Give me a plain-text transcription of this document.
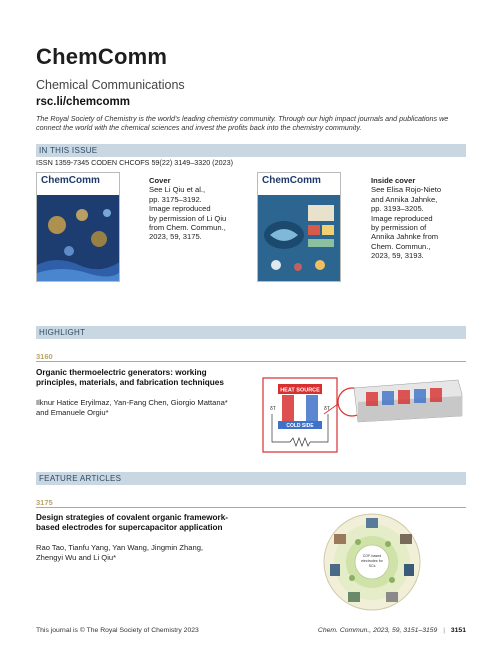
ChemComm
Chemical Communications
rsc.li/chemcomm
The Royal Society of Chemistry is the world's leading chemistry community. Through our high impact journals and publications we connect the world with the chemical sciences and invest the profits back into the chemistry community.
IN THIS ISSUE
ISSN 1359-7345 CODEN CHCOFS 59(22) 3149–3320 (2023)
ChemComm	Cover
See Li Qiu et al.,
pp. 3175–3192.
Image reproduced
by permission of Li Qiu
from Chem. Commun.,
2023, 59, 3175.
ChemComm	Inside cover
See Elisa Rojo-Nieto
and Annika Jahnke,
pp. 3193–3205.
Image reproduced
by permission of
Annika Jahnke from
Chem. Commun.,
2023, 59, 3193.
HIGHLIGHT
3160
Organic thermoelectric generators: working
principles, materials, and fabrication techniques
Ilknur Hatice Eryilmaz, Yan-Fang Chen, Giorgio Mattana*
and Emanuele Orgiu*
HEAT SOURCE
COLD SIDE
δT	δT
FEATURE ARTICLES
3175
Design strategies of covalent organic framework-
based electrodes for supercapacitor application
Rao Tao, Tianfu Yang, Yan Wang, Jingmin Zhang,
Zhengyi Wu and Li Qiu*	COF-based
electrodes for
SCs
This journal is © The Royal Society of Chemistry 2023	Chem. Commun., 2023, 59, 3151–3159 | 3151
